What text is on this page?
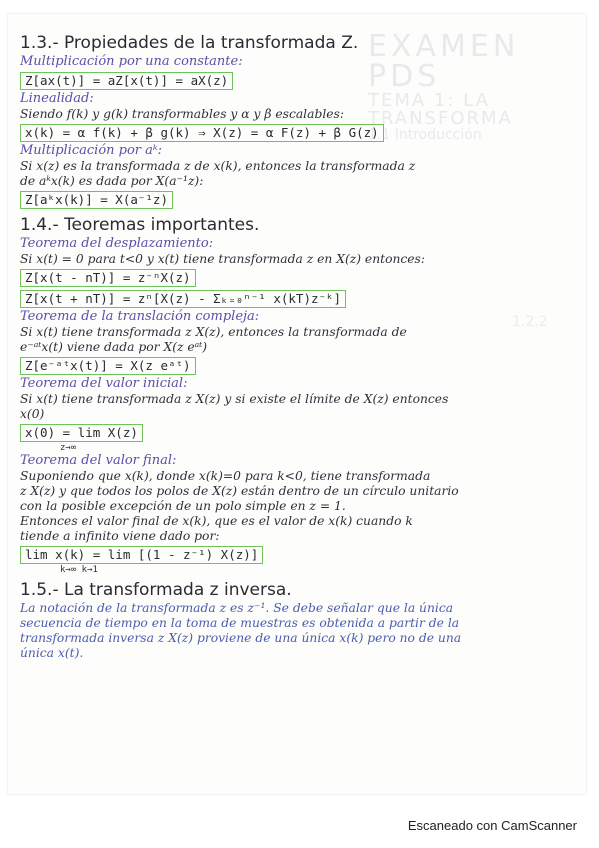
EXAMEN PDS
TEMA 1: LA TRANSFORMA
1.1 Introducción
1.2.2
1.3.- Propiedades de la transformada Z.
Multiplicación por una constante:
Z[ax(t)] = aZ[x(t)] = aX(z)
Linealidad:
Siendo f(k) y g(k) transformables y α y β escalables:
x(k) = α f(k) + β g(k) ⇒ X(z) = α F(z) + β G(z)
Multiplicación por aᵏ:
Si x(z) es la transformada z de x(k), entonces la transformada z
de aᵏx(k) es dada por X(a⁻¹z):
Z[aᵏx(k)] = X(a⁻¹z)
1.4.- Teoremas importantes.
Teorema del desplazamiento:
Si x(t) = 0 para t<0 y x(t) tiene transformada z en X(z) entonces:
Z[x(t - nT)] = z⁻ⁿX(z)
Z[x(t + nT)] = zⁿ[X(z) - Σₖ₌₀ⁿ⁻¹ x(kT)z⁻ᵏ]
Teorema de la translación compleja:
Si x(t) tiene transformada z X(z), entonces la transformada de
e⁻ᵃᵗx(t) viene dada por X(z eᵃᵗ)
Z[e⁻ᵃᵗx(t)] = X(z eᵃᵗ)
Teorema del valor inicial:
Si x(t) tiene transformada z X(z) y si existe el límite de X(z) entonces
x(0)
x(0) = lim X(z)
z→∞
Teorema del valor final:
Suponiendo que x(k), donde x(k)=0 para k<0, tiene transformada
z X(z) y que todos los polos de X(z) están dentro de un círculo unitario
con la posible excepción de un polo simple en z = 1.
Entonces el valor final de x(k), que es el valor de x(k) cuando k
tiende a infinito viene dado por:
lim x(k) = lim [(1 - z⁻¹) X(z)]
k→∞ k→1
1.5.- La transformada z inversa.
La notación de la transformada z es z⁻¹. Se debe señalar que la única
secuencia de tiempo en la toma de muestras es obtenida a partir de la
transformada inversa z X(z) proviene de una única x(k) pero no de una
única x(t).
Escaneado con CamScanner
